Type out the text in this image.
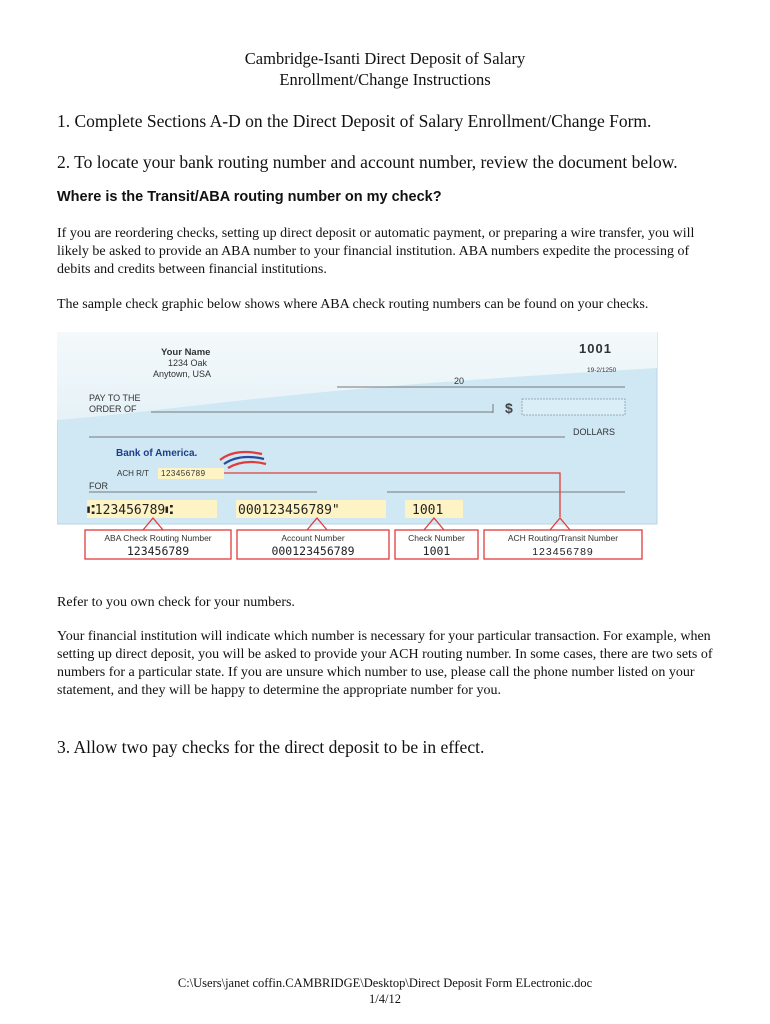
Cambridge-Isanti Direct Deposit of Salary
Enrollment/Change Instructions
1. Complete Sections A-D on the Direct Deposit of Salary Enrollment/Change Form.
2. To locate your bank routing number and account number, review the document below.
Where is the Transit/ABA routing number on my check?
If you are reordering checks, setting up direct deposit or automatic payment, or preparing a wire transfer, you will likely be asked to provide an ABA number to your financial institution. ABA numbers expedite the processing of debits and credits between financial institutions.
The sample check graphic below shows where ABA check routing numbers can be found on your checks.
Your Name
1234 Oak
Anytown, USA
1001
19-2/1250
20
PAY TO THE
ORDER OF	$
DOLLARS
Bank of America.
ACH R/T 123456789
FOR
⑆123456789⑆	000123456789"	1001
ABA Check Routing Number
123456789
Account Number
000123456789
Check Number
1001
ACH Routing/Transit Number
123456789
Refer to you own check for your numbers.
Your financial institution will indicate which number is necessary for your particular transaction. For example, when setting up direct deposit, you will be asked to provide your ACH routing number. In some cases, there are two sets of numbers for a particular state. If you are unsure which number to use, please call the phone number listed on your statement, and they will be happy to determine the appropriate number for you.
3. Allow two pay checks for the direct deposit to be in effect.
C:\Users\janet coffin.CAMBRIDGE\Desktop\Direct Deposit Form ELectronic.doc
1/4/12
